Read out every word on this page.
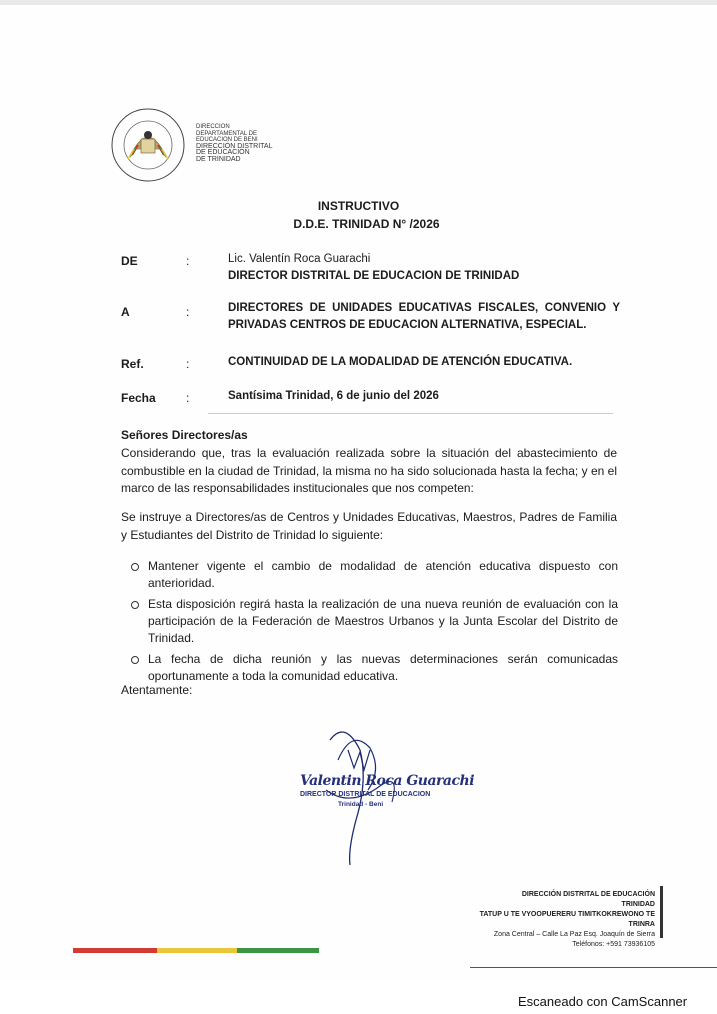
DIRECCION
DEPARTAMENTAL DE
EDUCACION DE BENI
DIRECCIÓN DISTRITAL
DE EDUCACIÓN
DE TRINIDAD
INSTRUCTIVO
D.D.E. TRINIDAD N° /2026
DE	:	Lic. Valentín Roca Guarachi
DIRECTOR DISTRITAL DE EDUCACION DE TRINIDAD
A	:	DIRECTORES DE UNIDADES EDUCATIVAS FISCALES, CONVENIO Y PRIVADAS CENTROS DE EDUCACION ALTERNATIVA, ESPECIAL.
Ref.	:	CONTINUIDAD DE LA MODALIDAD DE ATENCIÓN EDUCATIVA.
Fecha	:	Santísima Trinidad, 6 de junio del 2026
Señores Directores/as
Considerando que, tras la evaluación realizada sobre la situación del abastecimiento de combustible en la ciudad de Trinidad, la misma no ha sido solucionada hasta la fecha; y en el marco de las responsabilidades institucionales que nos competen:
Se instruye a Directores/as de Centros y Unidades Educativas, Maestros, Padres de Familia y Estudiantes del Distrito de Trinidad lo siguiente:
Mantener vigente el cambio de modalidad de atención educativa dispuesto con anterioridad.
Esta disposición regirá hasta la realización de una nueva reunión de evaluación con la participación de la Federación de Maestros Urbanos y la Junta Escolar del Distrito de Trinidad.
La fecha de dicha reunión y las nuevas determinaciones serán comunicadas oportunamente a toda la comunidad educativa.
Atentamente:
Valentin Roca Guarachi
DIRECTOR DISTRITAL DE EDUCACION
Trinidad - Beni
DIRECCIÓN DISTRITAL DE EDUCACIÓN
TRINIDAD
TATUP U TE VYOOPUERERU TIMITKOKREWONO TE
TRINRA
Zona Central – Calle La Paz Esq. Joaquín de Sierra
Teléfonos: +591 73936105
Escaneado con CamScanner
